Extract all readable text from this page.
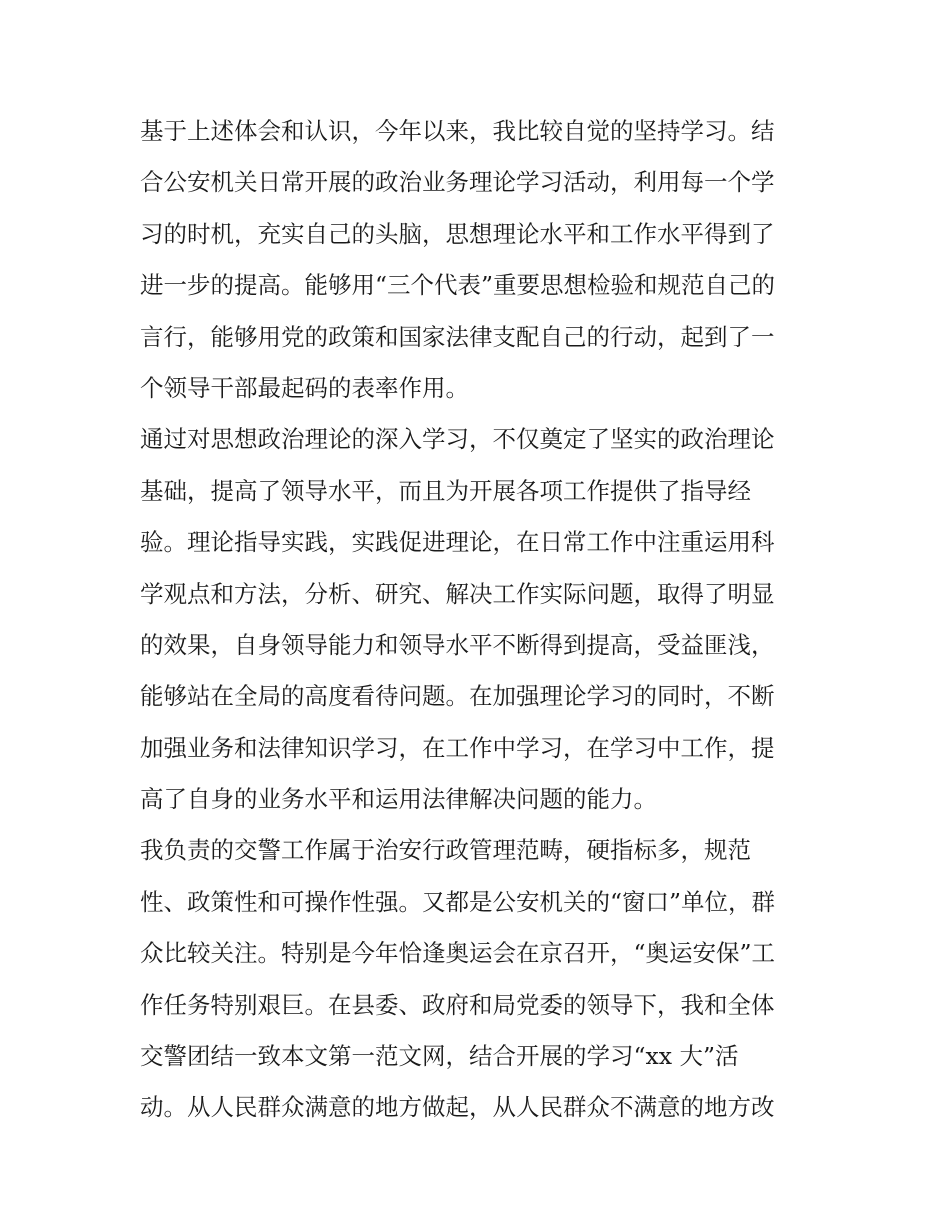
基于上述体会和认识，今年以来，我比较自觉的坚持学习。结
合公安机关日常开展的政治业务理论学习活动，利用每一个学
习的时机，充实自己的头脑，思想理论水平和工作水平得到了
进一步的提高。能够用“三个代表”重要思想检验和规范自己的
言行，能够用党的政策和国家法律支配自己的行动，起到了一
个领导干部最起码的表率作用。
通过对思想政治理论的深入学习，不仅奠定了坚实的政治理论
基础，提高了领导水平，而且为开展各项工作提供了指导经
验。理论指导实践，实践促进理论，在日常工作中注重运用科
学观点和方法，分析、研究、解决工作实际问题，取得了明显
的效果，自身领导能力和领导水平不断得到提高，受益匪浅，
能够站在全局的高度看待问题。在加强理论学习的同时，不断
加强业务和法律知识学习，在工作中学习，在学习中工作，提
高了自身的业务水平和运用法律解决问题的能力。
我负责的交警工作属于治安行政管理范畴，硬指标多，规范
性、政策性和可操作性强。又都是公安机关的“窗口”单位，群
众比较关注。特别是今年恰逢奥运会在京召开，“奥运安保”工
作任务特别艰巨。在县委、政府和局党委的领导下，我和全体
交警团结一致本文第一范文网，结合开展的学习“xx 大”活
动。从人民群众满意的地方做起，从人民群众不满意的地方改
